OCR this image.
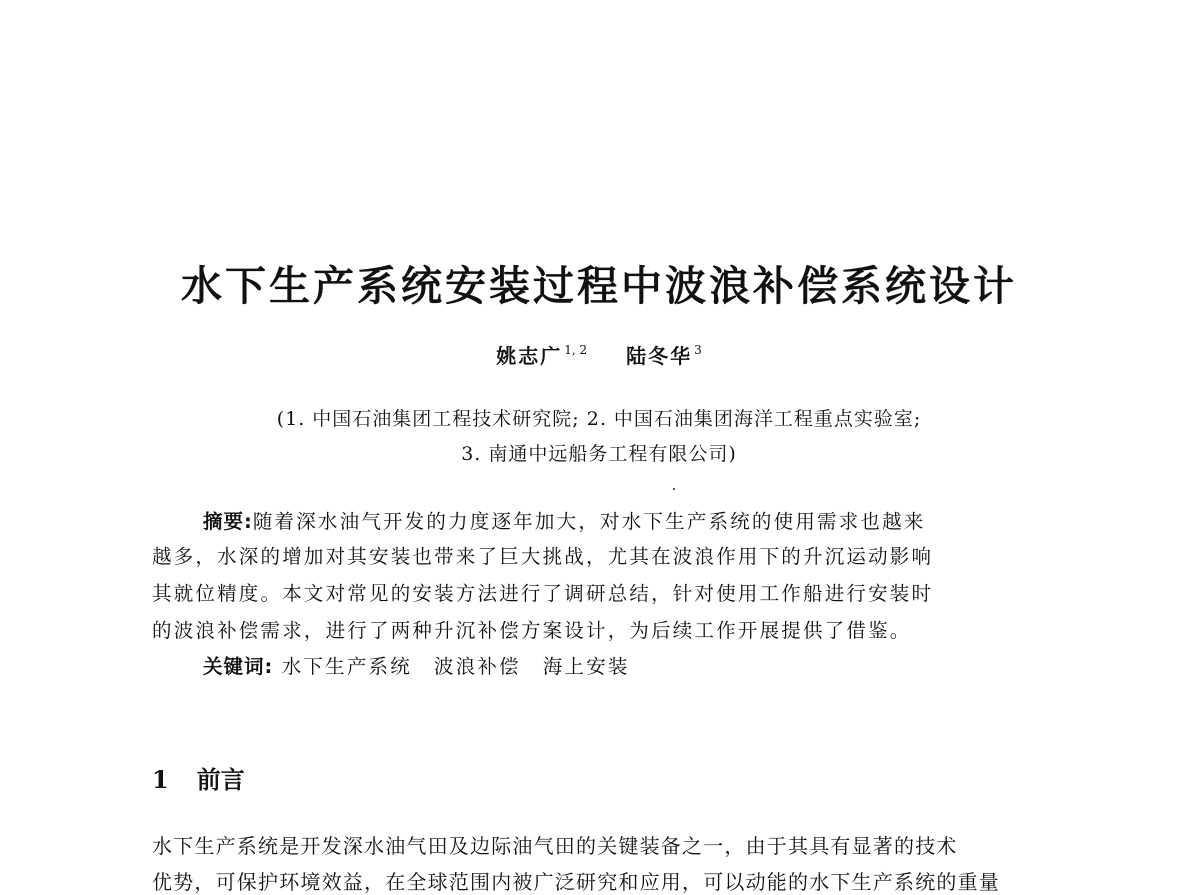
水下生产系统安装过程中波浪补偿系统设计
姚志广 $^{1, 2}$ 陆冬华 $^3$
(1. 中国石油集团工程技术研究院; 2. 中国石油集团海洋工程重点实验室;
3. 南通中远船务工程有限公司)
摘要:随着深水油气开发的力度逐年加大，对水下生产系统的使用需求也越来
越多，水深的增加对其安装也带来了巨大挑战，尤其在波浪作用下的升沉运动影响
其就位精度。本文对常见的安装方法进行了调研总结，针对使用工作船进行安装时
的波浪补偿需求，进行了两种升沉补偿方案设计，为后续工作开展提供了借鉴。
关键词: 水下生产系统 波浪补偿 海上安装
1 前言
水下生产系统是开发深水油气田及边际油气田的关键装备之一，由于其具有显著的技术
优势，可保护环境效益，在全球范围内被广泛研究和应用，可以动能的水下生产系统的重量
